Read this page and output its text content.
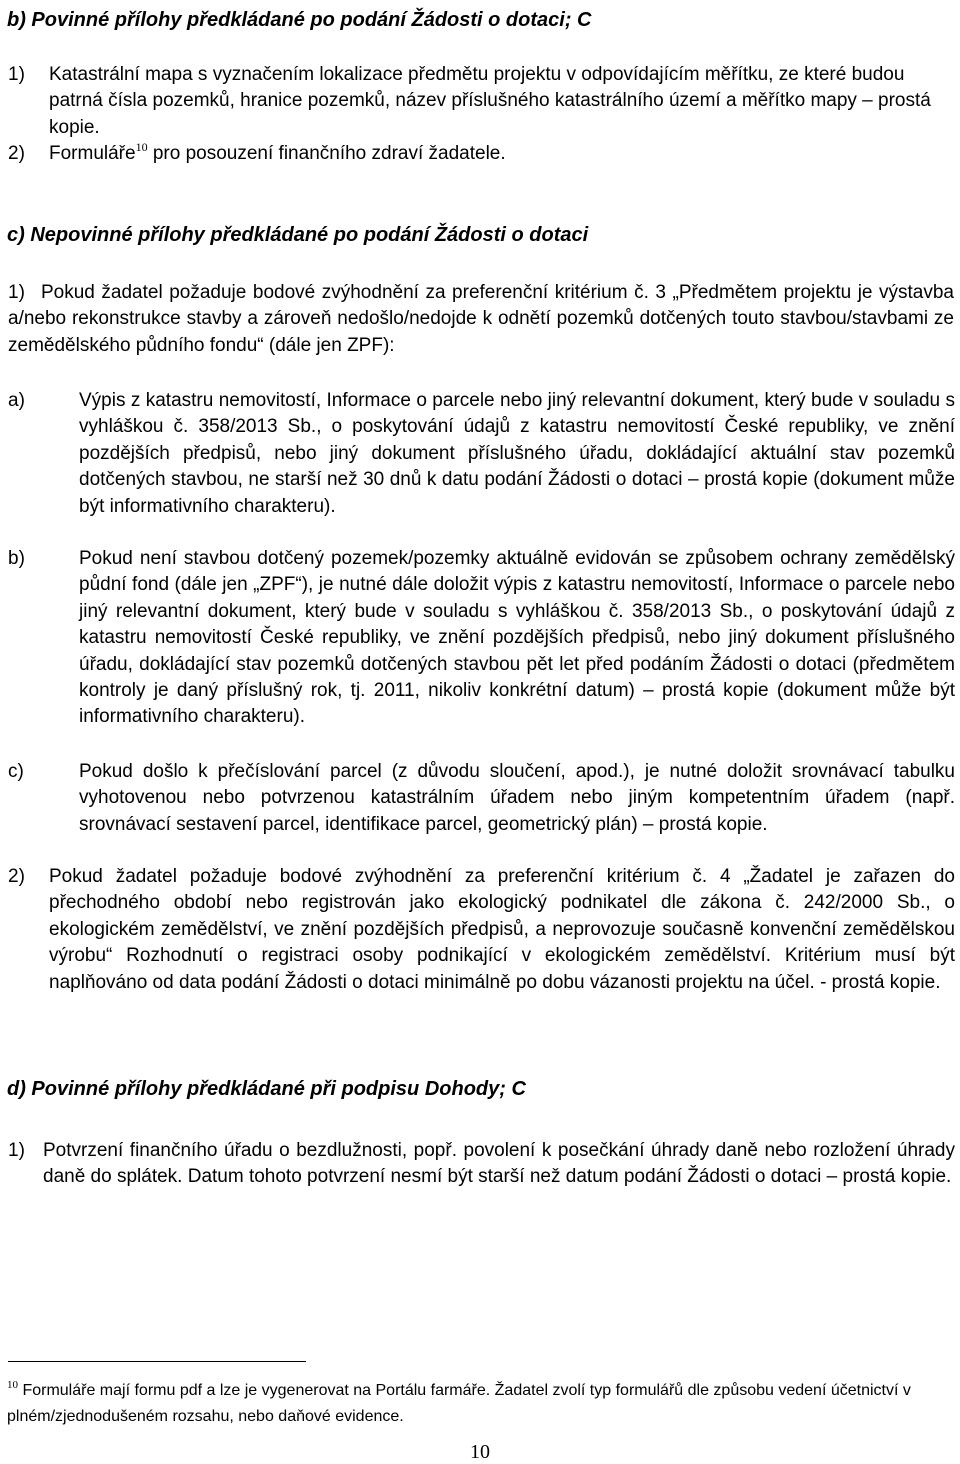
b) Povinné přílohy předkládané po podání Žádosti o dotaci; C
1) Katastrální mapa s vyznačením lokalizace předmětu projektu v odpovídajícím měřítku, ze které budou patrná čísla pozemků, hranice pozemků, název příslušného katastrálního území a měřítko mapy – prostá kopie.

2) Formuláře$^{10}$ pro posouzení finančního zdraví žadatele.

c) Nepovinné přílohy předkládané po podání Žádosti o dotaci
1) Pokud žadatel požaduje bodové zvýhodnění za preferenční kritérium č. 3 „Předmětem projektu je výstavba a/nebo rekonstrukce stavby a zároveň nedošlo/nedojde k odnětí pozemků dotčených touto stavbou/stavbami ze zemědělského půdního fondu“ (dále jen ZPF):

a)	Výpis z katastru nemovitostí, Informace o parcele nebo jiný relevantní dokument, který bude v souladu s vyhláškou č. 358/2013 Sb., o poskytování údajů z katastru nemovitostí České republiky, ve znění pozdějších předpisů, nebo jiný dokument příslušného úřadu, dokládající aktuální stav pozemků dotčených stavbou, ne starší než 30 dnů k datu podání Žádosti o dotaci – prostá kopie (dokument může být informativního charakteru).

b)	Pokud není stavbou dotčený pozemek/pozemky aktuálně evidován se způsobem ochrany zemědělský půdní fond (dále jen „ZPF“), je nutné dále doložit výpis z katastru nemovitostí, Informace o parcele nebo jiný relevantní dokument, který bude v souladu s vyhláškou č. 358/2013 Sb., o poskytování údajů z katastru nemovitostí České republiky, ve znění pozdějších předpisů, nebo jiný dokument příslušného úřadu, dokládající stav pozemků dotčených stavbou pět let před podáním Žádosti o dotaci (předmětem kontroly je daný příslušný rok, tj. 2011, nikoliv konkrétní datum) – prostá kopie (dokument může být informativního charakteru).

c)	Pokud došlo k přečíslování parcel (z důvodu sloučení, apod.), je nutné doložit srovnávací tabulku vyhotovenou nebo potvrzenou katastrálním úřadem nebo jiným kompetentním úřadem (např. srovnávací sestavení parcel, identifikace parcel, geometrický plán) – prostá kopie.

2) Pokud žadatel požaduje bodové zvýhodnění za preferenční kritérium č. 4 „Žadatel je zařazen do přechodného období nebo registrován jako ekologický podnikatel dle zákona č. 242/2000 Sb., o ekologickém zemědělství, ve znění pozdějších předpisů, a neprovozuje současně konvenční zemědělskou výrobu“ Rozhodnutí o registraci osoby podnikající v ekologickém zemědělství. Kritérium musí být naplňováno od data podání Žádosti o dotaci minimálně po dobu vázanosti projektu na účel. - prostá kopie.

d) Povinné přílohy předkládané při podpisu Dohody; C
1) Potvrzení finančního úřadu o bezdlužnosti, popř. povolení k posečkání úhrady daně nebo rozložení úhrady daně do splátek. Datum tohoto potvrzení nesmí být starší než datum podání Žádosti o dotaci – prostá kopie.

$^{10}$ Formuláře mají formu pdf a lze je vygenerovat na Portálu farmáře. Žadatel zvolí typ formulářů dle způsobu vedení účetnictví v plném/zjednodušeném rozsahu, nebo daňové evidence.

10
